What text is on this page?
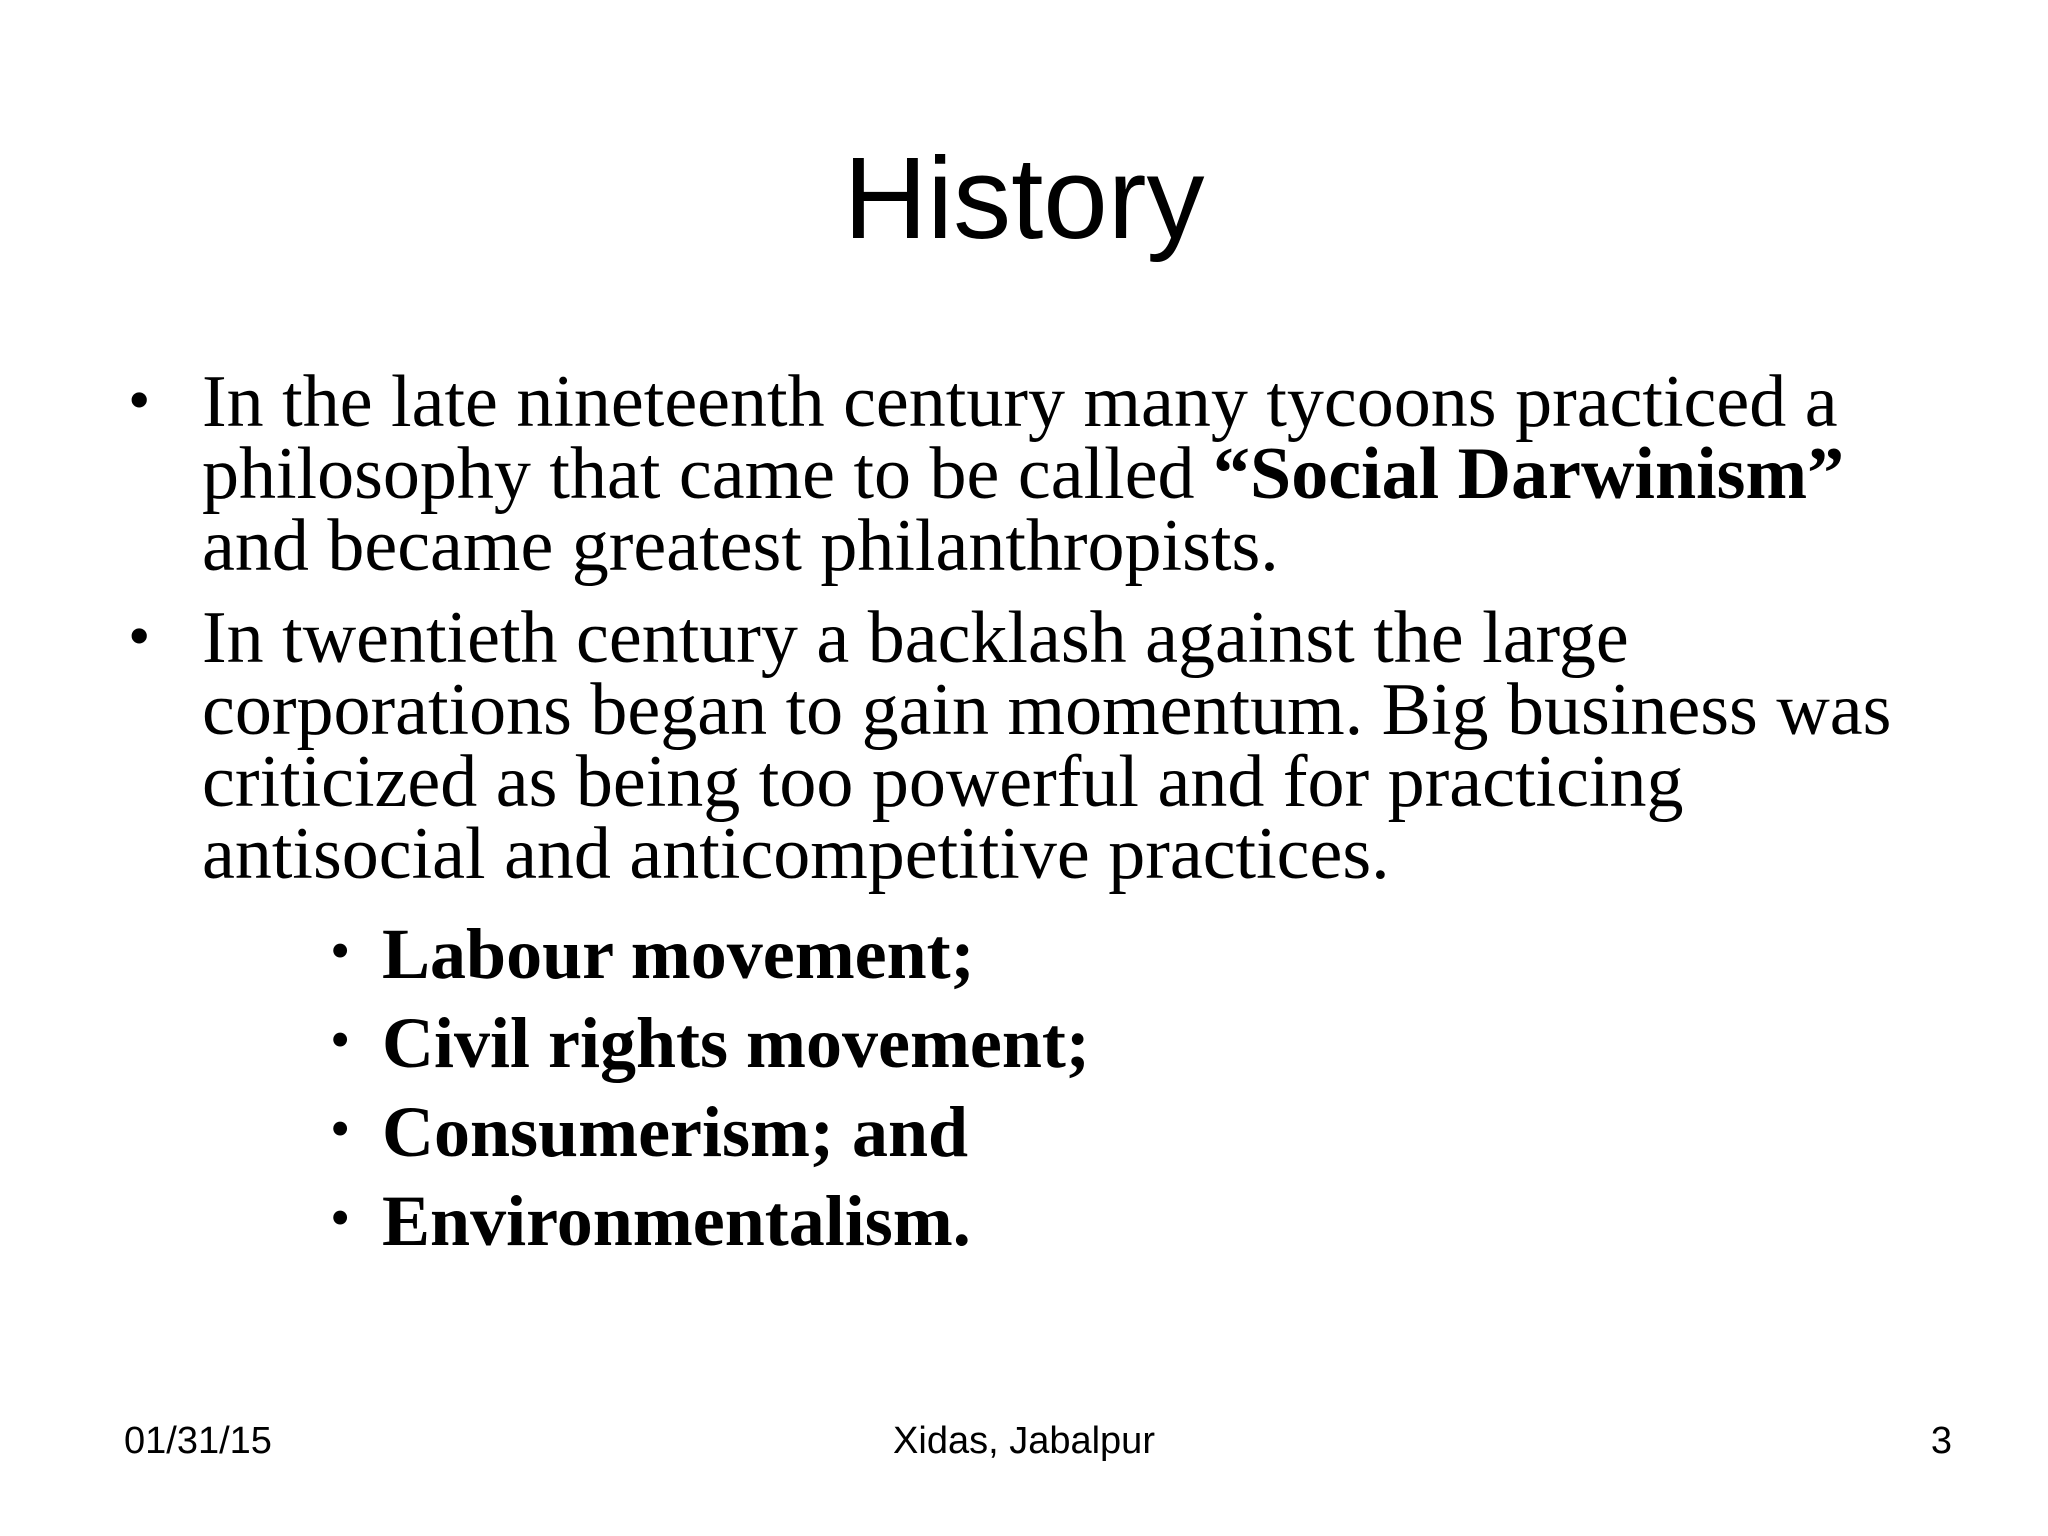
History
• In the late nineteenth century many tycoons practiced a philosophy that came to be called “Social Darwinism” and became greatest philanthropists.
• In twentieth century a backlash against the large corporations began to gain momentum. Big business was criticized as being too powerful and for practicing antisocial and anticompetitive practices.
• Labour movement;
• Civil rights movement;
• Consumerism; and
• Environmentalism.
01/31/15	Xidas, Jabalpur	3
